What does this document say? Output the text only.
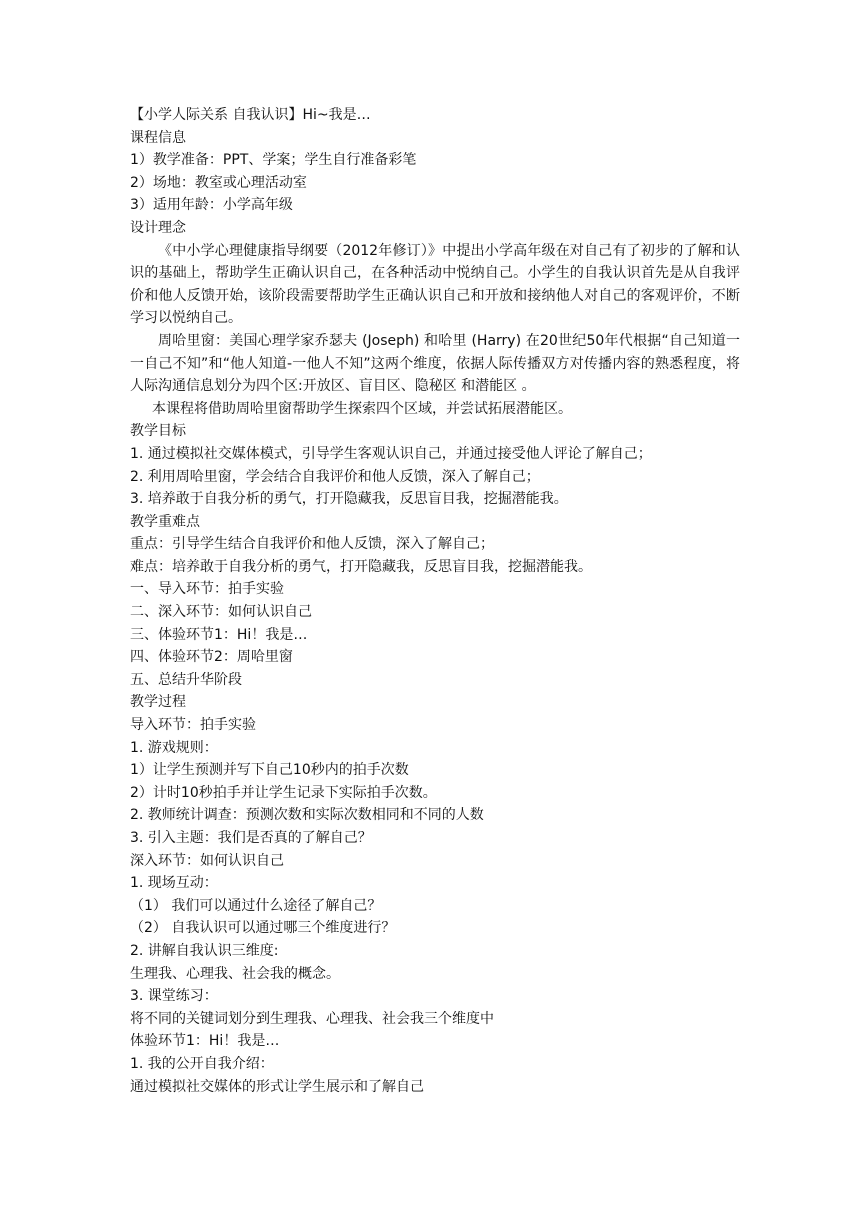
【小学人际关系 自我认识】Hi~我是…
课程信息
1）教学准备：PPT、学案；学生自行准备彩笔
2）场地：教室或心理活动室
3）适用年龄：小学高年级
设计理念
《中小学心理健康指导纲要（2012年修订）》中提出小学高年级在对自己有了初步的了解和认识的基础上，帮助学生正确认识自己，在各种活动中悦纳自己。小学生的自我认识首先是从自我评价和他人反馈开始，该阶段需要帮助学生正确认识自己和开放和接纳他人对自己的客观评价，不断学习以悦纳自己。
周哈里窗：美国心理学家乔瑟夫 (Joseph) 和哈里 (Harry) 在20世纪50年代根据“自己知道一一自己不知”和“他人知道-一他人不知”这两个维度，依据人际传播双方对传播内容的熟悉程度，将人际沟通信息划分为四个区:开放区、盲目区、隐秘区 和潜能区 。
本课程将借助周哈里窗帮助学生探索四个区域，并尝试拓展潜能区。
教学目标
1. 通过模拟社交媒体模式，引导学生客观认识自己，并通过接受他人评论了解自己；
2. 利用周哈里窗，学会结合自我评价和他人反馈，深入了解自己；
3. 培养敢于自我分析的勇气，打开隐藏我，反思盲目我，挖掘潜能我。
教学重难点
重点：引导学生结合自我评价和他人反馈，深入了解自己；
难点：培养敢于自我分析的勇气，打开隐藏我，反思盲目我，挖掘潜能我。
一、导入环节：拍手实验
二、深入环节：如何认识自己
三、体验环节1：Hi！我是…
四、体验环节2：周哈里窗
五、总结升华阶段
教学过程
导入环节：拍手实验
1. 游戏规则：
1）让学生预测并写下自己10秒内的拍手次数
2）计时10秒拍手并让学生记录下实际拍手次数。
2. 教师统计调查：预测次数和实际次数相同和不同的人数
3. 引入主题：我们是否真的了解自己？
深入环节：如何认识自己
1. 现场互动：
（1） 我们可以通过什么途径了解自己？
（2） 自我认识可以通过哪三个维度进行？
2. 讲解自我认识三维度:
生理我、心理我、社会我的概念。
3. 课堂练习：
将不同的关键词划分到生理我、心理我、社会我三个维度中
体验环节1：Hi！我是…
1. 我的公开自我介绍：
通过模拟社交媒体的形式让学生展示和了解自己
